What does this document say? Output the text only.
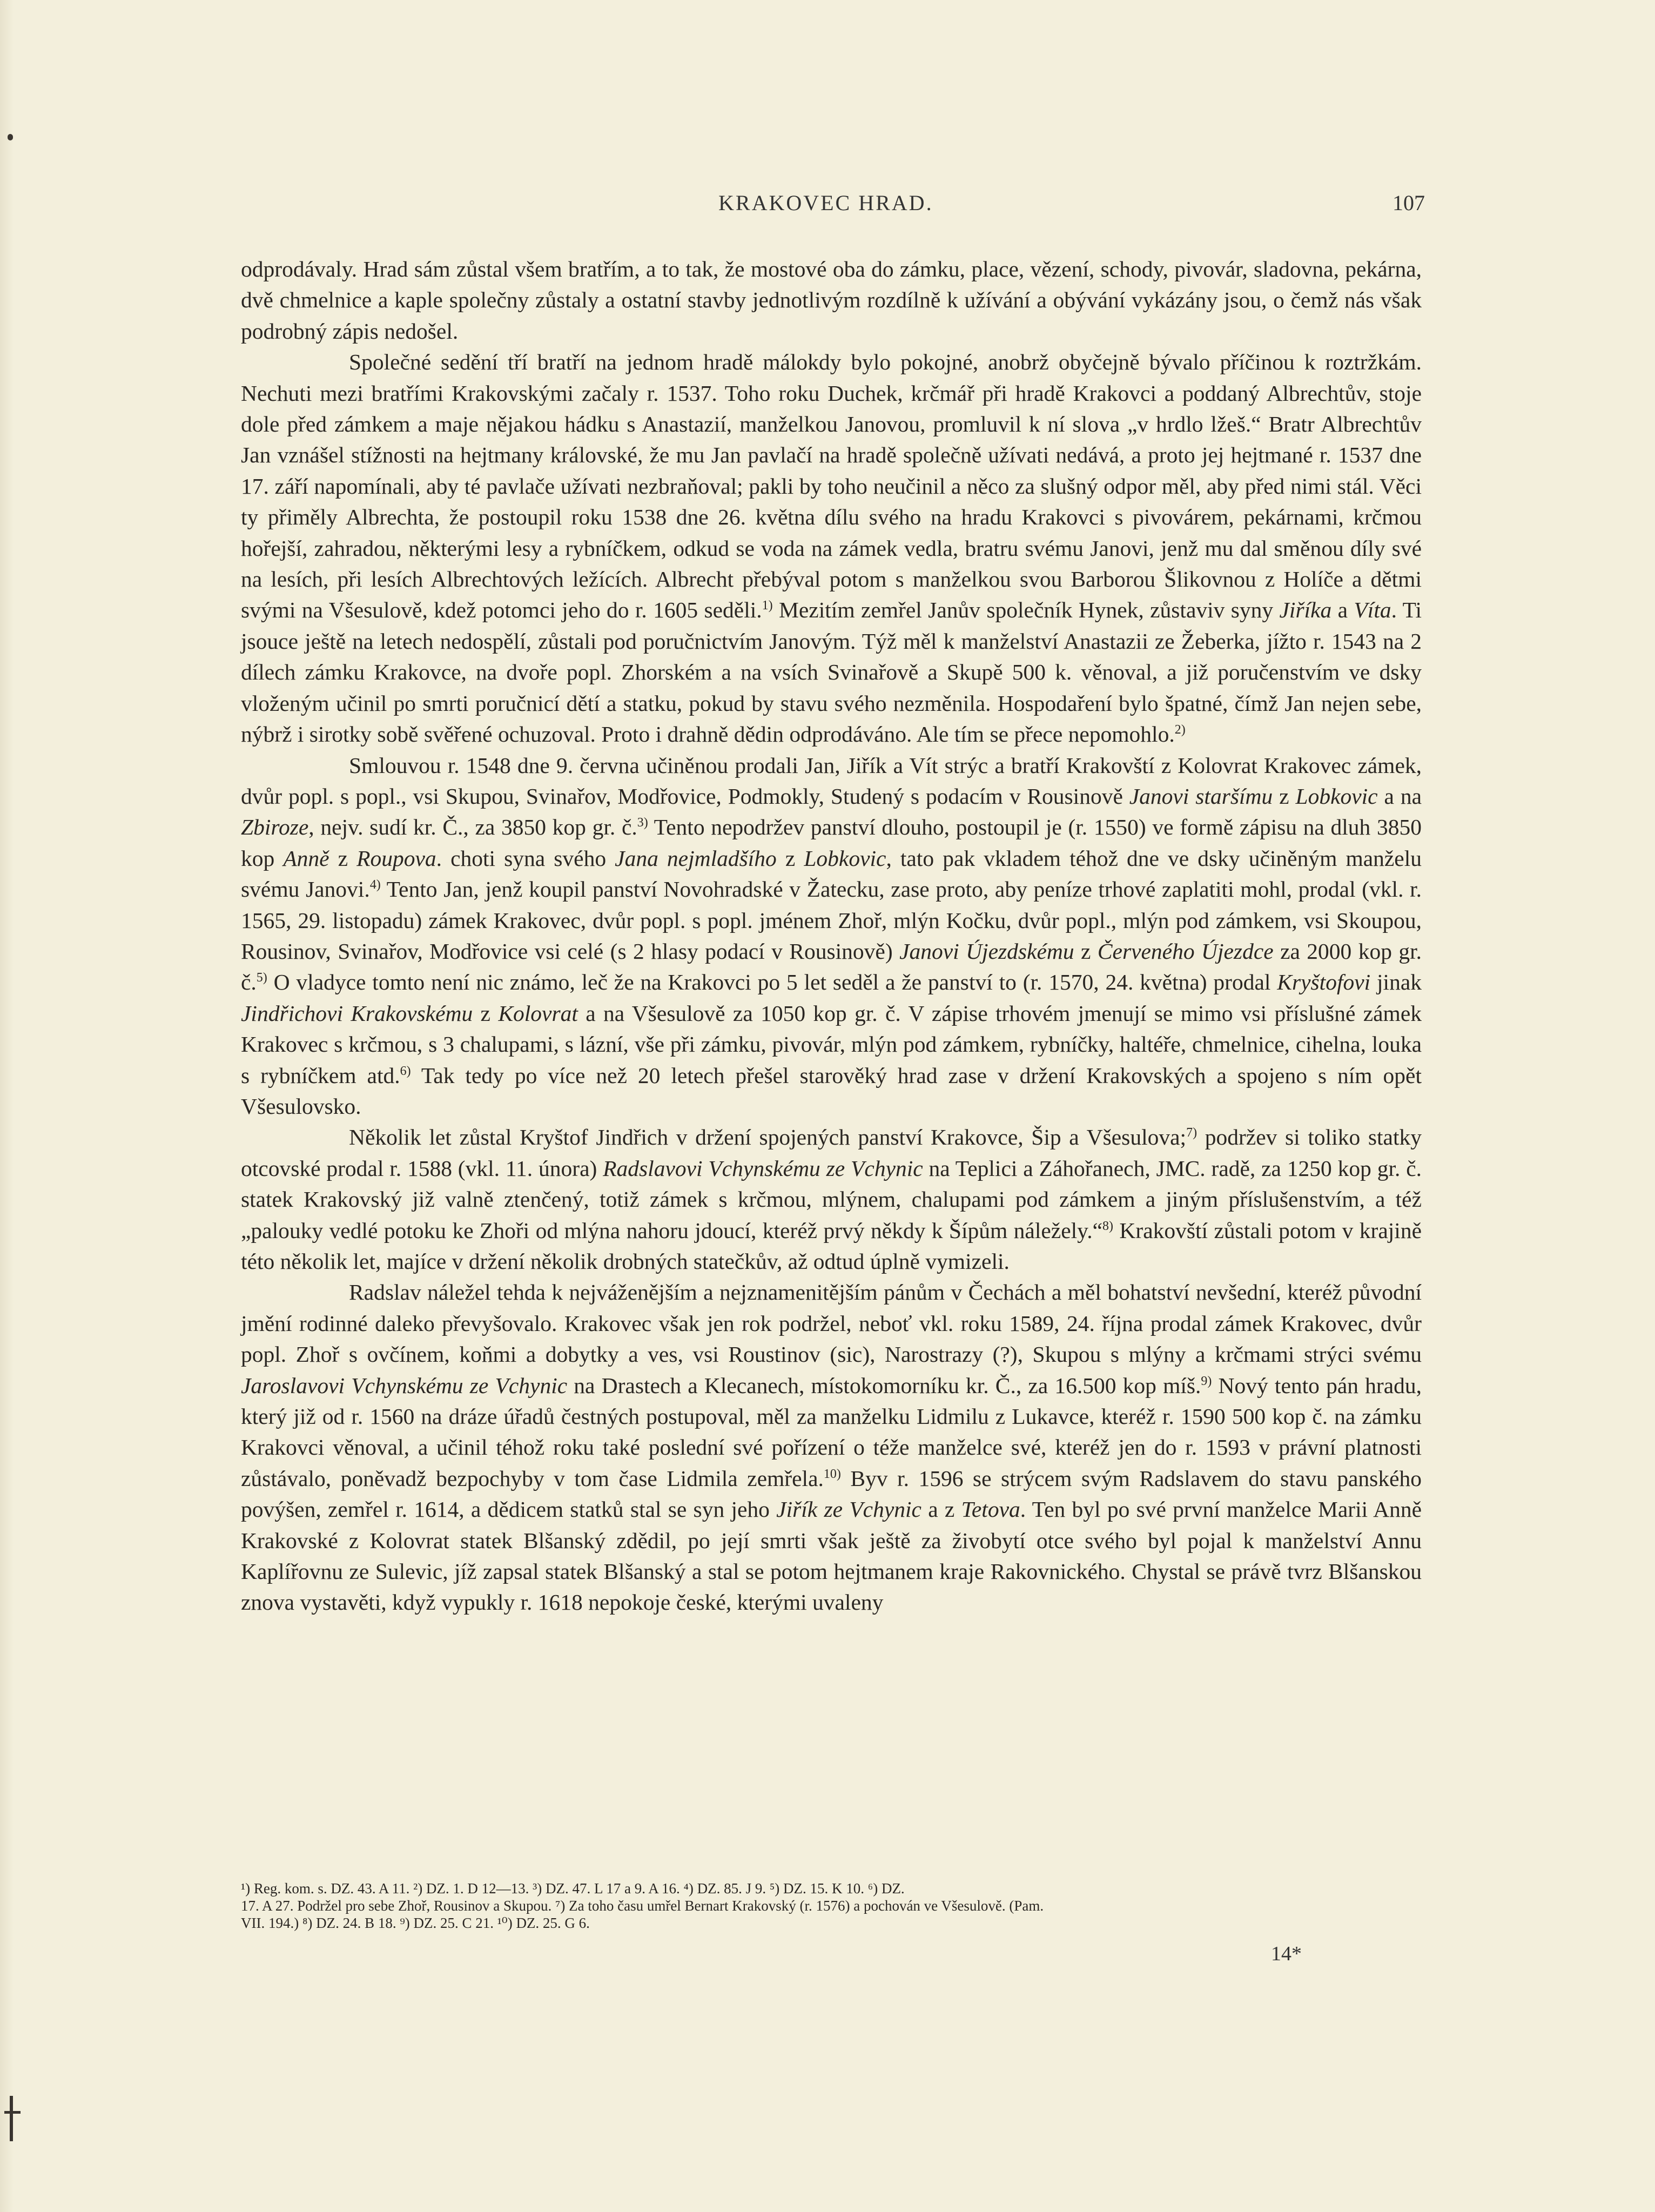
KRAKOVEC HRAD.	107

odprodávaly. Hrad sám zůstal všem bratřím, a to tak, že mostové oba do zámku, place, vězení, schody, pivovár, sladovna, pekárna, dvě chmelnice a kaple společny zůstaly a ostatní stavby jednotlivým rozdílně k užívání a obývání vykázány jsou, o čemž nás však podrobný zápis nedošel.

Společné sedění tří bratří na jednom hradě málokdy bylo pokojné, anobrž obyčejně bývalo příčinou k roztržkám. Nechuti mezi bratřími Krakovskými začaly r. 1537. Toho roku Duchek, krčmář při hradě Krakovci a poddaný Albrechtův, stoje dole před zámkem a maje nějakou hádku s Anastazií, manželkou Janovou, promluvil k ní slova „v hrdlo lžeš.“ Bratr Albrechtův Jan vznášel stížnosti na hejtmany královské, že mu Jan pavlačí na hradě společně užívati nedává, a proto jej hejtmané r. 1537 dne 17. září napomínali, aby té pavlače užívati nezbraňoval; pakli by toho neučinil a něco za slušný odpor měl, aby před nimi stál. Věci ty přiměly Albrechta, že postoupil roku 1538 dne 26. května dílu svého na hradu Krakovci s pivovárem, pekárnami, krčmou hořejší, zahradou, některými lesy a rybníčkem, odkud se voda na zámek vedla, bratru svému Janovi, jenž mu dal směnou díly své na lesích, při lesích Albrechtových ležících. Albrecht přebýval potom s manželkou svou Barborou Šlikovnou z Holíče a dětmi svými na Všesulově, kdež potomci jeho do r. 1605 seděli.$^{1)}$ Mezitím zemřel Janův společník Hynek, zůstaviv syny Jiříka a Víta. Ti jsouce ještě na letech nedospělí, zůstali pod poručnictvím Janovým. Týž měl k manželství Anastazii ze Žeberka, jížto r. 1543 na 2 dílech zámku Krakovce, na dvoře popl. Zhorském a na vsích Svinařově a Skupě 500 k. věnoval, a již poručenstvím ve dsky vloženým učinil po smrti poručnicí dětí a statku, pokud by stavu svého nezměnila. Hospodaření bylo špatné, čímž Jan nejen sebe, nýbrž i sirotky sobě svěřené ochuzoval. Proto i drahně dědin odprodáváno. Ale tím se přece nepomohlo.$^{2)}$

Smlouvou r. 1548 dne 9. června učiněnou prodali Jan, Jiřík a Vít strýc a bratří Krakovští z Kolovrat Krakovec zámek, dvůr popl. s popl., vsi Skupou, Svinařov, Modřovice, Podmokly, Studený s podacím v Rousinově Janovi staršímu z Lobkovic a na Zbiroze, nejv. sudí kr. Č., za 3850 kop gr. č.$^{3)}$ Tento nepodržev panství dlouho, postoupil je (r. 1550) ve formě zápisu na dluh 3850 kop Anně z Roupova. choti syna svého Jana nejmladšího z Lobkovic, tato pak vkladem téhož dne ve dsky učiněným manželu svému Janovi.$^{4)}$ Tento Jan, jenž koupil panství Novohradské v Žatecku, zase proto, aby peníze trhové zaplatiti mohl, prodal (vkl. r. 1565, 29. listopadu) zámek Krakovec, dvůr popl. s popl. jménem Zhoř, mlýn Kočku, dvůr popl., mlýn pod zámkem, vsi Skoupou, Rousinov, Svinařov, Modřovice vsi celé (s 2 hlasy podací v Rousinově) Janovi Újezdskému z Červeného Újezdce za 2000 kop gr. č.$^{5)}$ O vladyce tomto není nic známo, leč že na Krakovci po 5 let seděl a že panství to (r. 1570, 24. května) prodal Kryštofovi jinak Jindřichovi Krakovskému z Kolovrat a na Všesulově za 1050 kop gr. č. V zápise trhovém jmenují se mimo vsi příslušné zámek Krakovec s krčmou, s 3 chalupami, s lázní, vše při zámku, pivovár, mlýn pod zámkem, rybníčky, haltéře, chmelnice, cihelna, louka s rybníčkem atd.$^{6)}$ Tak tedy po více než 20 letech přešel starověký hrad zase v držení Krakovských a spojeno s ním opět Všesulovsko.

Několik let zůstal Kryštof Jindřich v držení spojených panství Krakovce, Šip a Všesulova;$^{7)}$ podržev si toliko statky otcovské prodal r. 1588 (vkl. 11. února) Radslavovi Vchynskému ze Vchynic na Teplici a Záhořanech, JMC. radě, za 1250 kop gr. č. statek Krakovský již valně ztenčený, totiž zámek s krčmou, mlýnem, chalupami pod zámkem a jiným příslušenstvím, a též „palouky vedlé potoku ke Zhoři od mlýna nahoru jdoucí, kteréž prvý někdy k Šípům náležely.“$^{8)}$ Krakovští zůstali potom v krajině této několik let, majíce v držení několik drobných statečkův, až odtud úplně vymizeli.

Radslav náležel tehda k nejváženějším a nejznamenitějším pánům v Čechách a měl bohatství nevšední, kteréž původní jmění rodinné daleko převyšovalo. Krakovec však jen rok podržel, neboť vkl. roku 1589, 24. října prodal zámek Krakovec, dvůr popl. Zhoř s ovčínem, koňmi a dobytky a ves, vsi Roustinov (sic), Narostrazy (?), Skupou s mlýny a krčmami strýci svému Jaroslavovi Vchynskému ze Vchynic na Drastech a Klecanech, místokomorníku kr. Č., za 16.500 kop míš.$^{9)}$ Nový tento pán hradu, který již od r. 1560 na dráze úřadů čestných postupoval, měl za manželku Lidmilu z Lukavce, kteréž r. 1590 500 kop č. na zámku Krakovci věnoval, a učinil téhož roku také poslední své pořízení o téže manželce své, kteréž jen do r. 1593 v právní platnosti zůstávalo, poněvadž bezpochyby v tom čase Lidmila zemřela.$^{10)}$ Byv r. 1596 se strýcem svým Radslavem do stavu panského povýšen, zemřel r. 1614, a dědicem statků stal se syn jeho Jiřík ze Vchynic a z Tetova. Ten byl po své první manželce Marii Anně Krakovské z Kolovrat statek Blšanský zdědil, po její smrti však ještě za živobytí otce svého byl pojal k manželství Annu Kaplířovnu ze Sulevic, jíž zapsal statek Blšanský a stal se potom hejtmanem kraje Rakovnického. Chystal se právě tvrz Blšanskou znova vystavěti, když vypukly r. 1618 nepokoje české, kterými uvaleny

¹) Reg. kom. s. DZ. 43. A 11. ²) DZ. 1. D 12—13. ³) DZ. 47. L 17 a 9. A 16. ⁴) DZ. 85. J 9. ⁵) DZ. 15. K 10. ⁶) DZ.
17. A 27. Podržel pro sebe Zhoř, Rousinov a Skupou. ⁷) Za toho času umřel Bernart Krakovský (r. 1576) a pochován ve Všesulově. (Pam.
VII. 194.) ⁸) DZ. 24. B 18. ⁹) DZ. 25. C 21. ¹⁰) DZ. 25. G 6.
14*
